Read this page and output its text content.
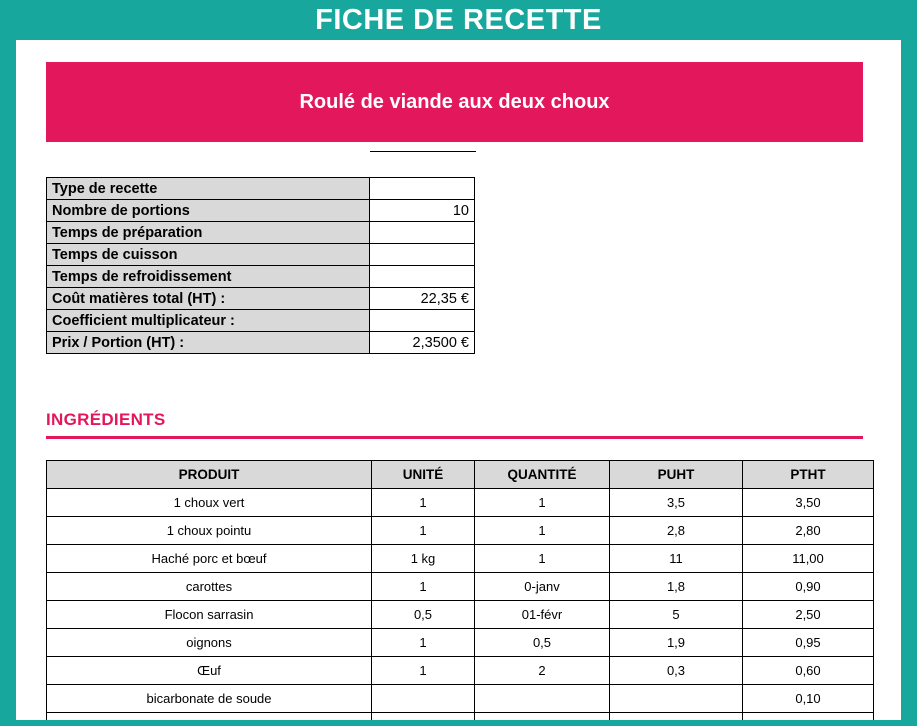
FICHE DE RECETTE
Roulé de viande aux deux choux
Type de recette	
Nombre de portions	10
Temps de préparation	
Temps de cuisson	
Temps de refroidissement	
Coût matières total (HT) :	22,35 €
Coefficient multiplicateur :	
Prix / Portion (HT) :	2,3500 €
INGRÉDIENTS
PRODUIT	UNITÉ	QUANTITÉ	PUHT	PTHT
1 choux vert	1	1	3,5	3,50
1 choux pointu	1	1	2,8	2,80
Haché porc et bœuf	1 kg	1	11	11,00
carottes	1	0-janv	1,8	0,90
Flocon sarrasin	0,5	01-févr	5	2,50
oignons	1	0,5	1,9	0,95
Œuf	1	2	0,3	0,60
bicarbonate de soude				0,10
